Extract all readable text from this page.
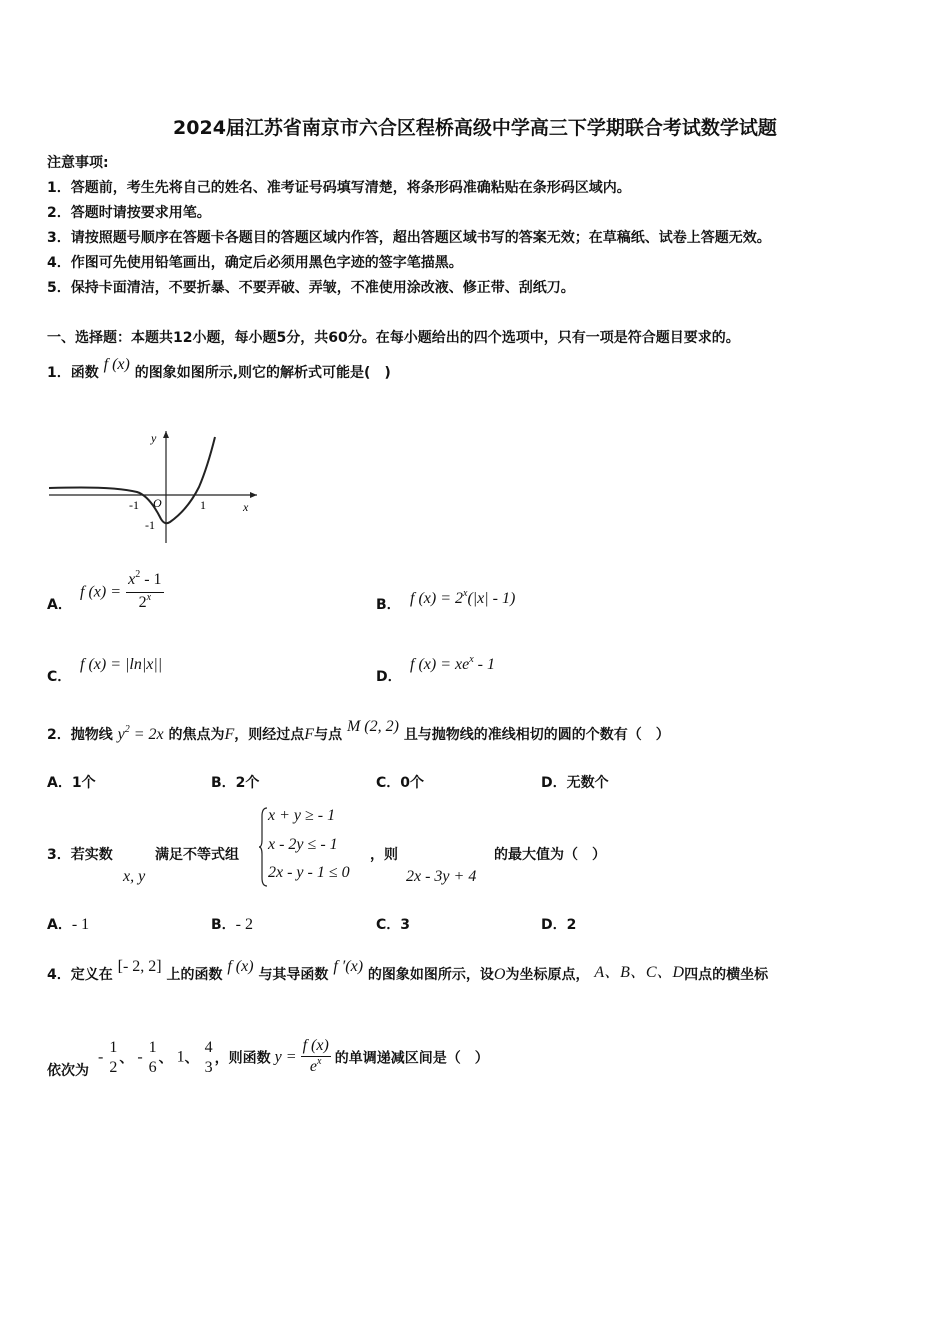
2024届江苏省南京市六合区程桥高级中学高三下学期联合考试数学试题
注意事项:
1．答题前，考生先将自己的姓名、准考证号码填写清楚，将条形码准确粘贴在条形码区域内。
2．答题时请按要求用笔。
3．请按照题号顺序在答题卡各题目的答题区域内作答，超出答题区域书写的答案无效；在草稿纸、试卷上答题无效。
4．作图可先使用铅笔画出，确定后必须用黑色字迹的签字笔描黑。
5．保持卡面清洁，不要折暴、不要弄破、弄皱，不准使用涂改液、修正带、刮纸刀。
一、选择题：本题共12小题，每小题5分，共60分。在每小题给出的四个选项中，只有一项是符合题目要求的。
1．函数 f (x) 的图象如图所示,则它的解析式可能是(　)
y
x
O
-1	1
-1
A．
f $(x) = \frac{x^2 - 1}{2^x}$	B． f $(x) = 2^x(|x| - 1)$
C．
f (x) = |ln|x||
D．
f $(x) = xe^x - 1$
2．抛物线 $y^2 = 2x$ 的焦点为F，则经过点F与点 M (2, 2) 且与抛物线的准线相切的圆的个数有（　）
A．1个	B．2个	C．0个	D．无数个
3．若实数
x, y
满足不等式组
x + y ≥ - 1
x - 2y ≤ - 1
2x - y - 1 ≤ 0
，则
2x - 3y + 4
的最大值为（　）
A．- 1	B．- 2	C．3	D．2
4．定义在 [- 2, 2] 上的函数 f (x) 与其导函数 f ′(x) 的图象如图所示，设O为坐标原点， A、B、C、D四点的横坐标
依次为
-
1
2 、 -
1
6 、 1、
4
3 ，则函数 $y = \frac{f (x)}{e^x}$ 的单调递减区间是（　）
